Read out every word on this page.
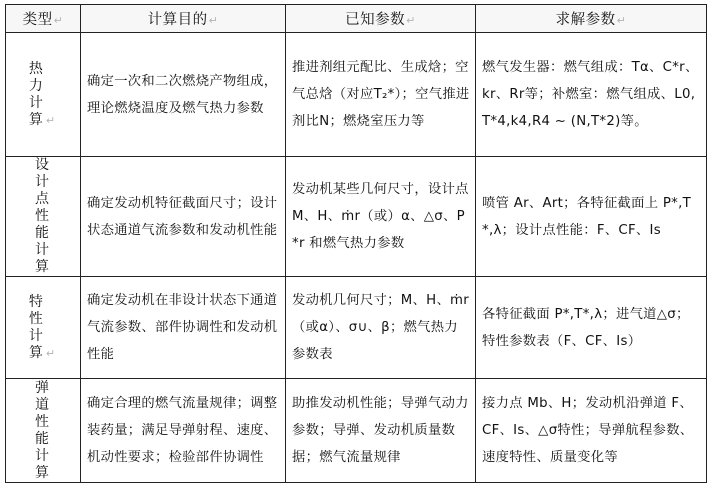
类型↵	计算目的↵	已知参数↵	求解参数↵
热力计算↵	确定一次和二次燃烧产物组成，理论燃烧温度及燃气热力参数	推进剂组元配比、生成焓；空气总焓（对应T₂*）；空气推进剂比N；燃烧室压力等	燃气发生器：燃气组成：Tα、C*r、kr、Rr等；补燃室：燃气组成、L0,T*4,k4,R4 ~ (N,T*2)等。
设计点性能计算	确定发动机特征截面尺寸；设计状态通道气流参数和发动机性能	发动机某些几何尺寸，设计点 M、H、ṁr（或）α、△σ、P*r 和燃气热力参数	喷管 Ar、Art；各特征截面上 P*,T*,λ；设计点性能：F、CF、Is
特性计算↵	确定发动机在非设计状态下通道气流参数、部件协调性和发动机性能	发动机几何尺寸；M、H、ṁr（或α）、σ∪、β；燃气热力参数表	各特征截面 P*,T*,λ；进气道△σ；特性参数表（F、CF、Is）
弹道性能计算	确定合理的燃气流量规律；调整装药量；满足导弹射程、速度、机动性要求；检验部件协调性	助推发动机性能；导弹气动力参数；导弹、发动机质量数据；燃气流量规律	接力点 Mb、H；发动机沿弹道 F、CF、Is、△σ特性；导弹航程参数、速度特性、质量变化等
